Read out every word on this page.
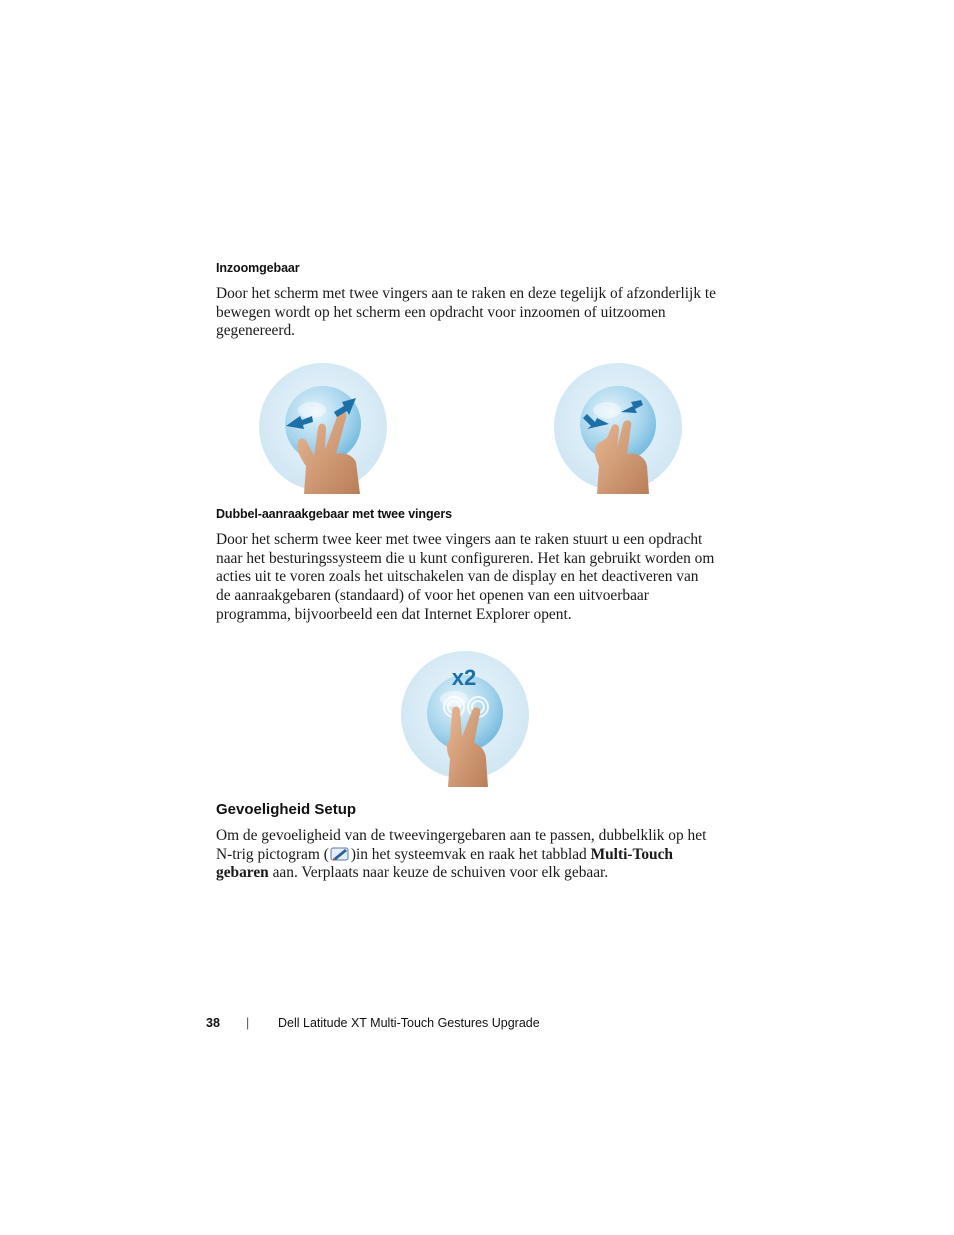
Inzoomgebaar
Door het scherm met twee vingers aan te raken en deze tegelijk of afzonderlijk te bewegen wordt op het scherm een opdracht voor inzoomen of uitzoomen gegenereerd.
Dubbel-aanraakgebaar met twee vingers
Door het scherm twee keer met twee vingers aan te raken stuurt u een opdracht naar het besturingssysteem die u kunt configureren. Het kan gebruikt worden om acties uit te voren zoals het uitschakelen van de display en het deactiveren van de aanraakgebaren (standaard) of voor het openen van een uitvoerbaar programma, bijvoorbeeld een dat Internet Explorer opent.
x2
Gevoeligheid Setup
Om de gevoeligheid van de tweevingergebaren aan te passen, dubbelklik op het N-trig pictogram ( )in het systeemvak en raak het tabblad Multi-Touch gebaren aan. Verplaats naar keuze de schuiven voor elk gebaar.
38 | Dell Latitude XT Multi-Touch Gestures Upgrade
